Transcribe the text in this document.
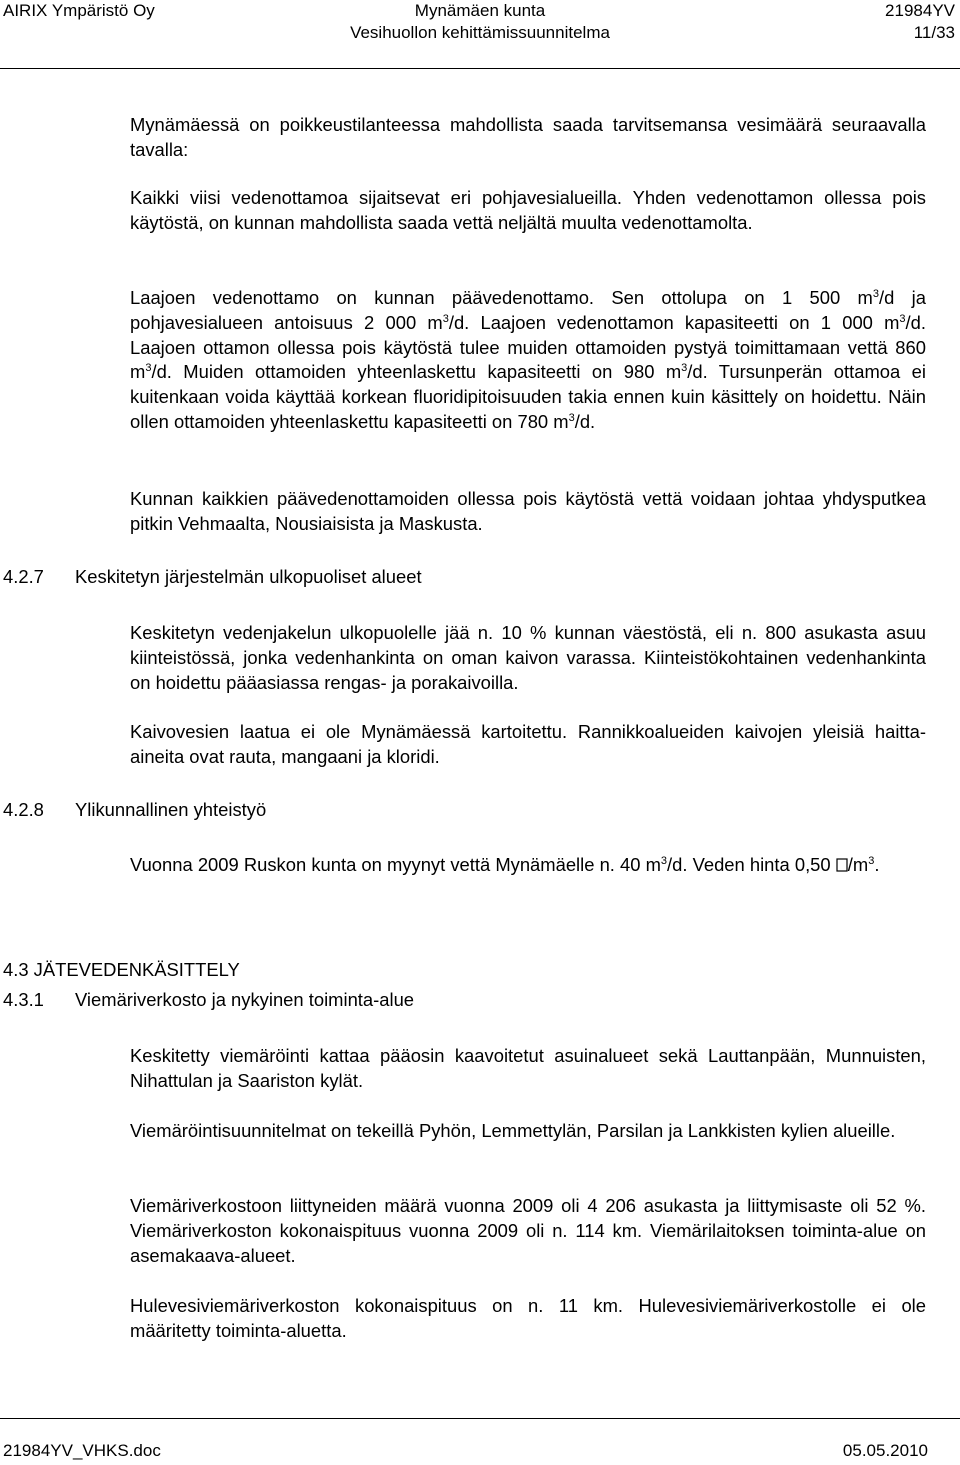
AIRIX Ympäristö Oy	Mynämäen kunta
Vesihuollon kehittämissuunnitelma
21984YV
11/33

Mynämäessä on poikkeustilanteessa mahdollista saada tarvitsemansa vesimäärä seuraavalla tavalla:

Kaikki viisi vedenottamoa sijaitsevat eri pohjavesialueilla. Yhden vedenottamon ollessa pois käytöstä, on kunnan mahdollista saada vettä neljältä muulta vedenottamolta.

Laajoen vedenottamo on kunnan päävedenottamo. Sen ottolupa on 1 500 $m^3/d$ ja pohjavesialueen antoisuus 2 000 $m^3/d$. Laajoen vedenottamon kapasiteetti on 1 000 $m^3/d$. Laajoen ottamon ollessa pois käytöstä tulee muiden ottamoiden pystyä toimittamaan vettä 860 $m^3/d$. Muiden ottamoiden yhteenlaskettu kapasiteetti on 980 $m^3/d$. Tursunperän ottamoa ei kuitenkaan voida käyttää korkean fluoridipitoisuuden takia ennen kuin käsittely on hoidettu. Näin ollen ottamoiden yhteenlaskettu kapasiteetti on 780 $m^3/d$.

Kunnan kaikkien päävedenottamoiden ollessa pois käytöstä vettä voidaan johtaa yhdysputkea pitkin Vehmaalta, Nousiaisista ja Maskusta.

4.2.7 Keskitetyn järjestelmän ulkopuoliset alueet

Keskitetyn vedenjakelun ulkopuolelle jää n. 10 % kunnan väestöstä, eli n. 800 asukasta asuu kiinteistössä, jonka vedenhankinta on oman kaivon varassa. Kiinteistökohtainen vedenhankinta on hoidettu pääasiassa rengas- ja porakaivoilla.

Kaivovesien laatua ei ole Mynämäessä kartoitettu. Rannikkoalueiden kaivojen yleisiä haitta-aineita ovat rauta, mangaani ja kloridi.

4.2.8 Ylikunnallinen yhteistyö

Vuonna 2009 Ruskon kunta on myynyt vettä Mynämäelle n. 40 $m^3/d$. Veden hinta 0,50 $/m^3$.

4.3 JÄTEVEDENKÄSITTELY
4.3.1 Viemäriverkosto ja nykyinen toiminta-alue

Keskitetty viemäröinti kattaa pääosin kaavoitetut asuinalueet sekä Lauttanpään, Munnuisten, Nihattulan ja Saariston kylät.

Viemäröintisuunnitelmat on tekeillä Pyhön, Lemmettylän, Parsilan ja Lankkisten kylien alueille.

Viemäriverkostoon liittyneiden määrä vuonna 2009 oli 4 206 asukasta ja liittymisaste oli 52 %. Viemäriverkoston kokonaispituus vuonna 2009 oli n. 114 km. Viemärilaitoksen toiminta-alue on asemakaava-alueet.

Hulevesiviemäriverkoston kokonaispituus on n. 11 km. Hulevesiviemäriverkostolle ei ole määritetty toiminta-aluetta.

21984YV_VHKS.doc	05.05.2010
